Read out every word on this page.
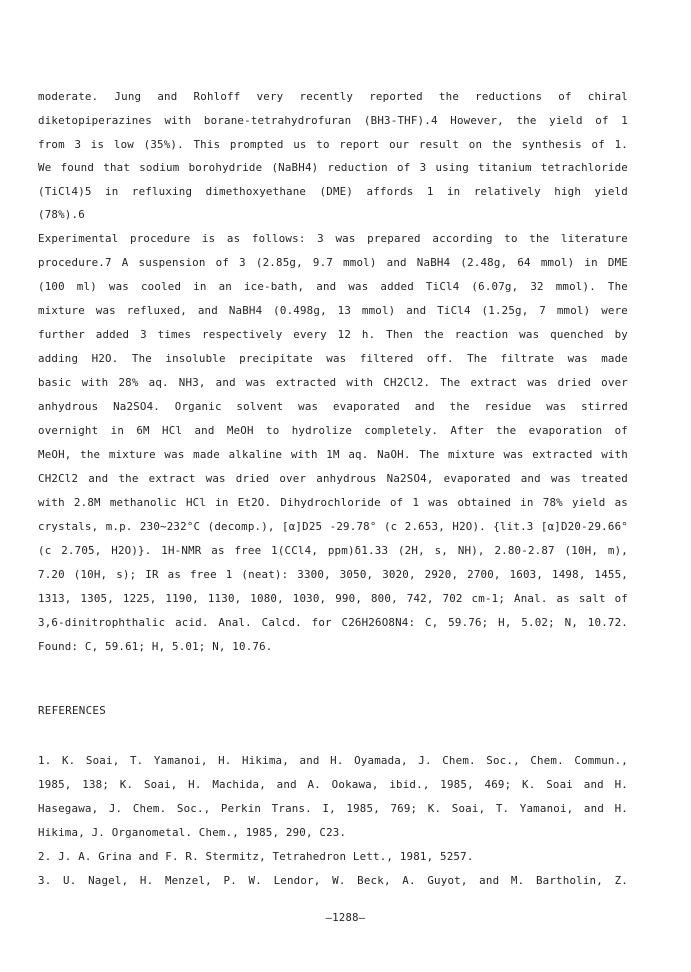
moderate. Jung and Rohloff very recently reported the reductions of chiral
diketopiperazines with borane-tetrahydrofuran (BH3-THF).4 However, the yield of 1
from 3 is low (35%). This prompted us to report our result on the synthesis of 1.
We found that sodium borohydride (NaBH4) reduction of 3 using titanium tetrachloride
(TiCl4)5 in refluxing dimethoxyethane (DME) affords 1 in relatively high yield
(78%).6
Experimental procedure is as follows: 3 was prepared according to the literature
procedure.7 A suspension of 3 (2.85g, 9.7 mmol) and NaBH4 (2.48g, 64 mmol) in DME
(100 ml) was cooled in an ice-bath, and was added TiCl4 (6.07g, 32 mmol). The
mixture was refluxed, and NaBH4 (0.498g, 13 mmol) and TiCl4 (1.25g, 7 mmol) were
further added 3 times respectively every 12 h. Then the reaction was quenched by
adding H2O. The insoluble precipitate was filtered off. The filtrate was made
basic with 28% aq. NH3, and was extracted with CH2Cl2. The extract was dried over
anhydrous Na2SO4. Organic solvent was evaporated and the residue was stirred
overnight in 6M HCl and MeOH to hydrolize completely. After the evaporation of
MeOH, the mixture was made alkaline with 1M aq. NaOH. The mixture was extracted with
CH2Cl2 and the extract was dried over anhydrous Na2SO4, evaporated and was treated
with 2.8M methanolic HCl in Et2O. Dihydrochloride of 1 was obtained in 78% yield as
crystals, m.p. 230~232°C (decomp.), [α]D25 -29.78° (c 2.653, H2O). {lit.3 [α]D20-29.66°
(c 2.705, H2O)}. 1H-NMR as free 1(CCl4, ppm)δ1.33 (2H, s, NH), 2.80-2.87 (10H, m),
7.20 (10H, s); IR as free 1 (neat): 3300, 3050, 3020, 2920, 2700, 1603, 1498, 1455,
1313, 1305, 1225, 1190, 1130, 1080, 1030, 990, 800, 742, 702 cm-1; Anal. as salt of
3,6-dinitrophthalic acid. Anal. Calcd. for C26H26O8N4: C, 59.76; H, 5.02; N, 10.72.
Found: C, 59.61; H, 5.01; N, 10.76.
REFERENCES
1. K. Soai, T. Yamanoi, H. Hikima, and H. Oyamada, J. Chem. Soc., Chem. Commun.,
1985, 138; K. Soai, H. Machida, and A. Ookawa, ibid., 1985, 469; K. Soai and H.
Hasegawa, J. Chem. Soc., Perkin Trans. I, 1985, 769; K. Soai, T. Yamanoi, and H.
Hikima, J. Organometal. Chem., 1985, 290, C23.
2. J. A. Grina and F. R. Stermitz, Tetrahedron Lett., 1981, 5257.
3. U. Nagel, H. Menzel, P. W. Lendor, W. Beck, A. Guyot, and M. Bartholin, Z.
—1288—
